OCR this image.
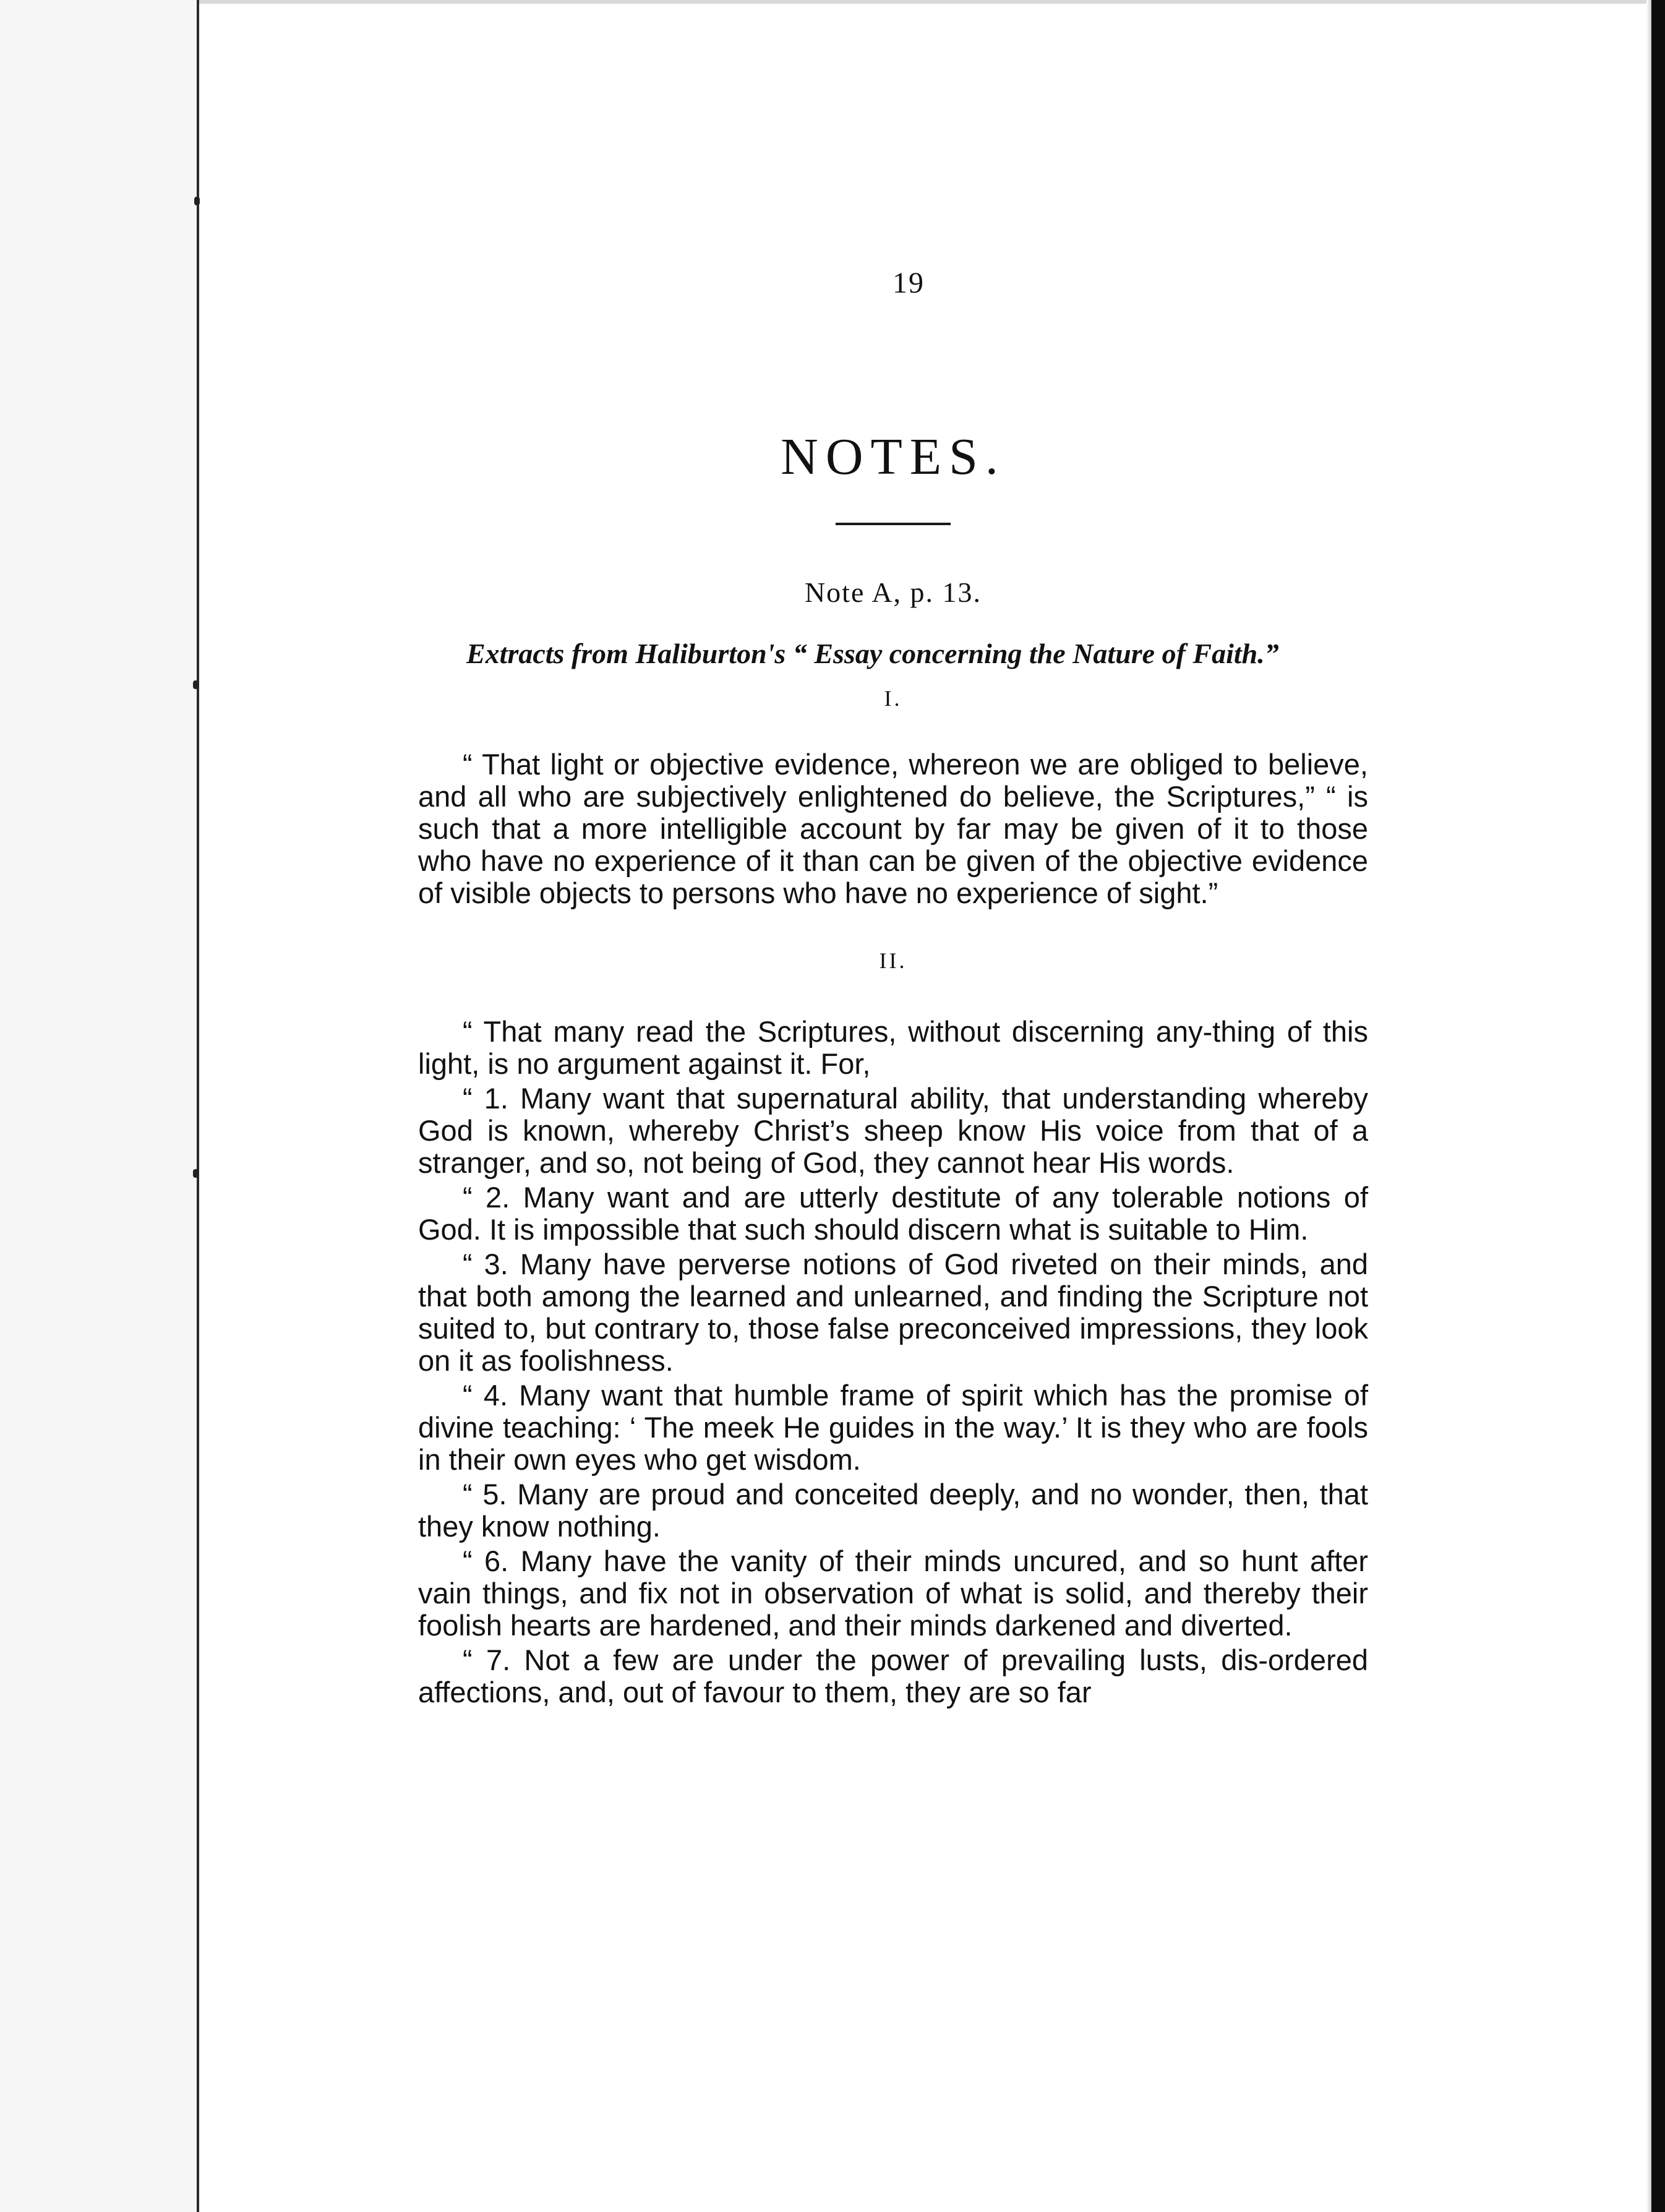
19

NOTES.

Note A, p. 13.

Extracts from Haliburton's “ Essay concerning the Nature of Faith.”

I.

“ That light or objective evidence, whereon we are obliged to believe, and all who are subjectively enlightened do believe, the Scriptures,” “ is such that a more intelligible account by far may be given of it to those who have no experience of it than can be given of the objective evidence of visible objects to persons who have no experience of sight.”

II.

“ That many read the Scriptures, without discerning any-thing of this light, is no argument against it. For,

“ 1. Many want that supernatural ability, that understanding whereby God is known, whereby Christ’s sheep know His voice from that of a stranger, and so, not being of God, they cannot hear His words.

“ 2. Many want and are utterly destitute of any tolerable notions of God. It is impossible that such should discern what is suitable to Him.

“ 3. Many have perverse notions of God riveted on their minds, and that both among the learned and unlearned, and finding the Scripture not suited to, but contrary to, those false preconceived impressions, they look on it as foolishness.

“ 4. Many want that humble frame of spirit which has the promise of divine teaching: ‘ The meek He guides in the way.’ It is they who are fools in their own eyes who get wisdom.

“ 5. Many are proud and conceited deeply, and no wonder, then, that they know nothing.

“ 6. Many have the vanity of their minds uncured, and so hunt after vain things, and fix not in observation of what is solid, and thereby their foolish hearts are hardened, and their minds darkened and diverted.

“ 7. Not a few are under the power of prevailing lusts, dis-ordered affections, and, out of favour to them, they are so far
